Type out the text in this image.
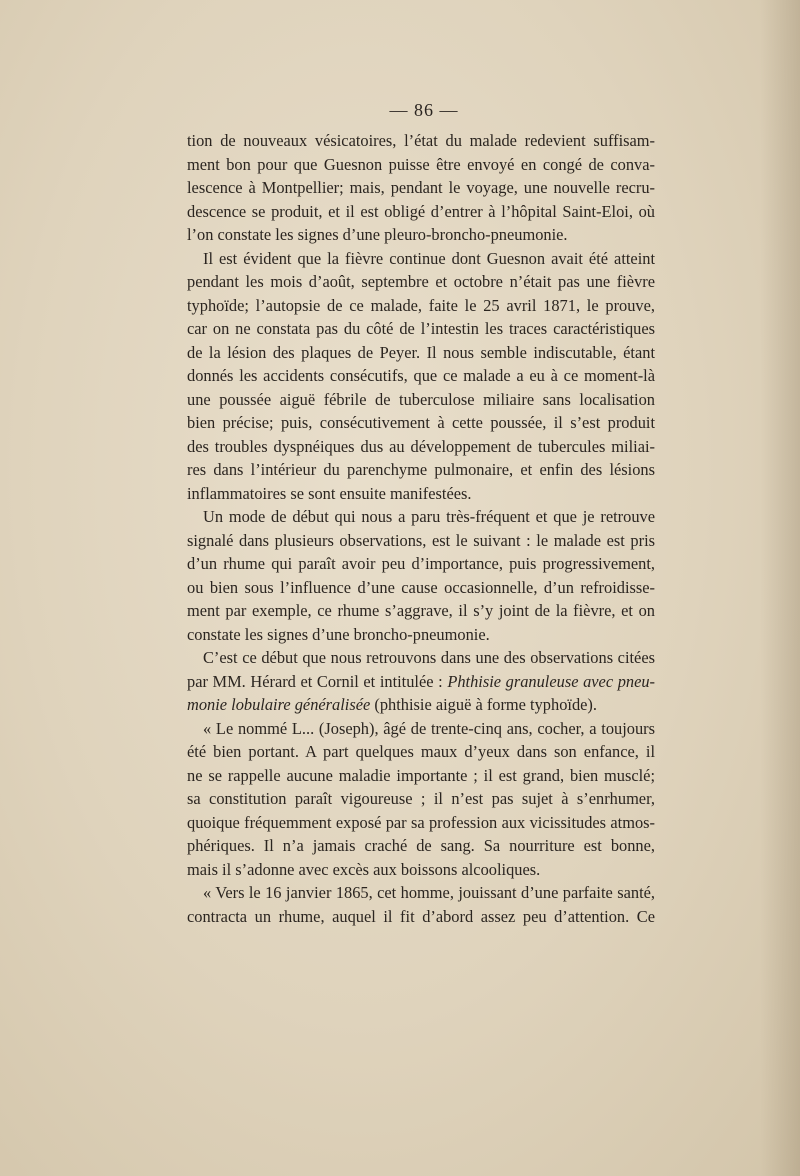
— 86 —
tion de nouveaux vésicatoires, l’état du malade redevient suffisam-
ment bon pour que Guesnon puisse être envoyé en congé de conva-
lescence à Montpellier; mais, pendant le voyage, une nouvelle recru-
descence se produit, et il est obligé d’entrer à l’hôpital Saint-Eloi, où
l’on constate les signes d’une pleuro-broncho-pneumonie.
Il est évident que la fièvre continue dont Guesnon avait été atteint
pendant les mois d’août, septembre et octobre n’était pas une fièvre
typhoïde; l’autopsie de ce malade, faite le 25 avril 1871, le prouve,
car on ne constata pas du côté de l’intestin les traces caractéristiques
de la lésion des plaques de Peyer. Il nous semble indiscutable, étant
donnés les accidents consécutifs, que ce malade a eu à ce moment-là
une poussée aiguë fébrile de tuberculose miliaire sans localisation
bien précise; puis, consécutivement à cette poussée, il s’est produit
des troubles dyspnéiques dus au développement de tubercules miliai-
res dans l’intérieur du parenchyme pulmonaire, et enfin des lésions
inflammatoires se sont ensuite manifestées.
Un mode de début qui nous a paru très-fréquent et que je retrouve
signalé dans plusieurs observations, est le suivant : le malade est pris
d’un rhume qui paraît avoir peu d’importance, puis progressivement,
ou bien sous l’influence d’une cause occasionnelle, d’un refroidisse-
ment par exemple, ce rhume s’aggrave, il s’y joint de la fièvre, et on
constate les signes d’une broncho-pneumonie.
C’est ce début que nous retrouvons dans une des observations citées
par MM. Hérard et Cornil et intitulée : Phthisie granuleuse avec pneu-
monie lobulaire généralisée (phthisie aiguë à forme typhoïde).
« Le nommé L... (Joseph), âgé de trente-cinq ans, cocher, a toujours
été bien portant. A part quelques maux d’yeux dans son enfance, il
ne se rappelle aucune maladie importante ; il est grand, bien musclé;
sa constitution paraît vigoureuse ; il n’est pas sujet à s’enrhumer,
quoique fréquemment exposé par sa profession aux vicissitudes atmos-
phériques. Il n’a jamais craché de sang. Sa nourriture est bonne,
mais il s’adonne avec excès aux boissons alcooliques.
« Vers le 16 janvier 1865, cet homme, jouissant d’une parfaite santé,
contracta un rhume, auquel il fit d’abord assez peu d’attention. Ce
